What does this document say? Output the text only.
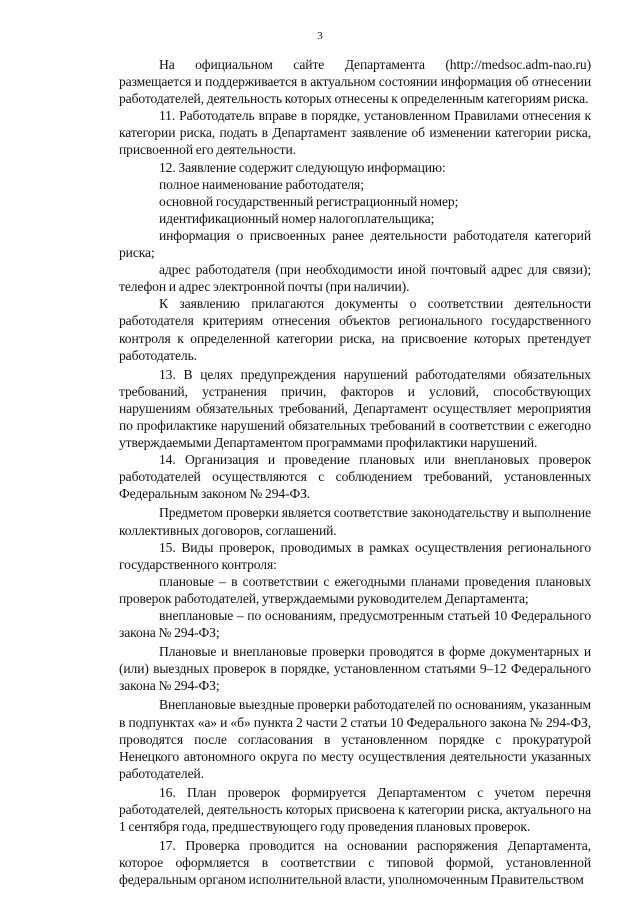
3

На официальном сайте Департамента (http://medsoc.adm-nao.ru) размещается и поддерживается в актуальном состоянии информация об отнесении работодателей, деятельность которых отнесены к определенным категориям риска.

11. Работодатель вправе в порядке, установленном Правилами отнесения к категории риска, подать в Департамент заявление об изменении категории риска, присвоенной его деятельности.

12. Заявление содержит следующую информацию:

полное наименование работодателя;

основной государственный регистрационный номер;

идентификационный номер налогоплательщика;

информация о присвоенных ранее деятельности работодателя категорий риска;

адрес работодателя (при необходимости иной почтовый адрес для связи); телефон и адрес электронной почты (при наличии).

К заявлению прилагаются документы о соответствии деятельности работодателя критериям отнесения объектов регионального государственного контроля к определенной категории риска, на присвоение которых претендует работодатель.

13. В целях предупреждения нарушений работодателями обязательных требований, устранения причин, факторов и условий, способствующих нарушениям обязательных требований, Департамент осуществляет мероприятия по профилактике нарушений обязательных требований в соответствии с ежегодно утверждаемыми Департаментом программами профилактики нарушений.

14. Организация и проведение плановых или внеплановых проверок работодателей осуществляются с соблюдением требований, установленных Федеральным законом № 294-ФЗ.

Предметом проверки является соответствие законодательству и выполнение коллективных договоров, соглашений.

15. Виды проверок, проводимых в рамках осуществления регионального государственного контроля:

плановые – в соответствии с ежегодными планами проведения плановых проверок работодателей, утверждаемыми руководителем Департамента;

внеплановые – по основаниям, предусмотренным статьей 10 Федерального закона № 294-ФЗ;

Плановые и внеплановые проверки проводятся в форме документарных и (или) выездных проверок в порядке, установленном статьями 9–12 Федерального закона № 294-ФЗ;

Внеплановые выездные проверки работодателей по основаниям, указанным в подпунктах «а» и «б» пункта 2 части 2 статьи 10 Федерального закона № 294-ФЗ, проводятся после согласования в установленном порядке с прокуратурой Ненецкого автономного округа по месту осуществления деятельности указанных работодателей.

16. План проверок формируется Департаментом с учетом перечня работодателей, деятельность которых присвоена к категории риска, актуального на 1 сентября года, предшествующего году проведения плановых проверок.

17. Проверка проводится на основании распоряжения Департамента, которое оформляется в соответствии с типовой формой, установленной федеральным органом исполнительной власти, уполномоченным Правительством
